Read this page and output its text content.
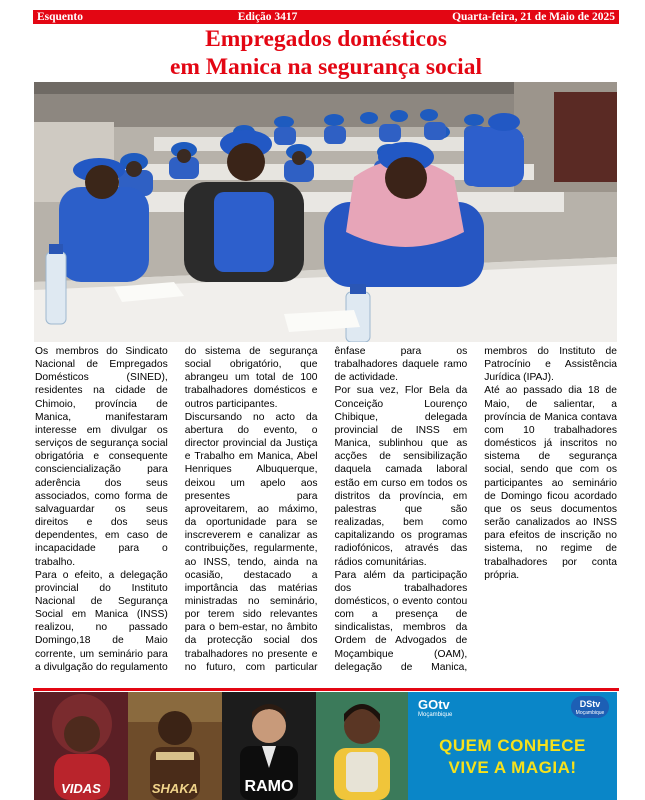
Esquento	Edição 3417	Quarta-feira, 21 de Maio de 2025
Empregados domésticos
em Manica na segurança social

Os membros do Sindicato Nacional de Empregados Domésticos (SINED), residentes na cidade de Chimoio, província de Manica, manifestaram interesse em divulgar os serviços de segurança social obrigatória e consequente consciencialização para aderência dos seus associados, como forma de salvaguardar os seus direitos e dos seus dependentes, em caso de incapacidade para o trabalho.

Para o efeito, a delegação provincial do Instituto Nacional de Segurança Social em Manica (INSS) realizou, no passado Domingo,18 de Maio corrente, um seminário para a divulgação do regulamento do sistema de segurança social obrigatório, que abrangeu um total de 100 trabalhadores domésticos e outros participantes.

Discursando no acto da abertura do evento, o director provincial da Justiça e Trabalho em Manica, Abel Henriques Albuquerque, deixou um apelo aos presentes para aproveitarem, ao máximo, da oportunidade para se inscreverem e canalizar as contribuições, regularmente, ao INSS, tendo, ainda na ocasião, destacado a importância das matérias ministradas no seminário, por terem sido relevantes para o bem-estar, no âmbito da protecção social dos trabalhadores no presente e no futuro, com particular ênfase para os trabalhadores daquele ramo de actividade.

Por sua vez, Flor Bela da Conceição Lourenço Chibique, delegada provincial de INSS em Manica, sublinhou que as acções de sensibilização daquela camada laboral estão em curso em todos os distritos da província, em palestras que são realizadas, bem como capitalizando os programas radiofónicos, através das rádios comunitárias.

Para além da participação dos trabalhadores domésticos, o evento contou com a presença de sindicalistas, membros da Ordem de Advogados de Moçambique (OAM), delegação de Manica, membros do Instituto de Patrocínio e Assistência Jurídica (IPAJ).

Até ao passado dia 18 de Maio, de salientar, a província de Manica contava com 10 trabalhadores domésticos já inscritos no sistema de segurança social, sendo que com os participantes ao seminário de Domingo ficou acordado que os seus documentos serão canalizados ao INSS para efeitos de inscrição no sistema, no regime de trabalhadores por conta própria.

VIDAS	SHAKA	RAMO
GOtv
Moçambique
DStv
Moçambique
QUEM CONHECE
VIVE A MAGIA!
